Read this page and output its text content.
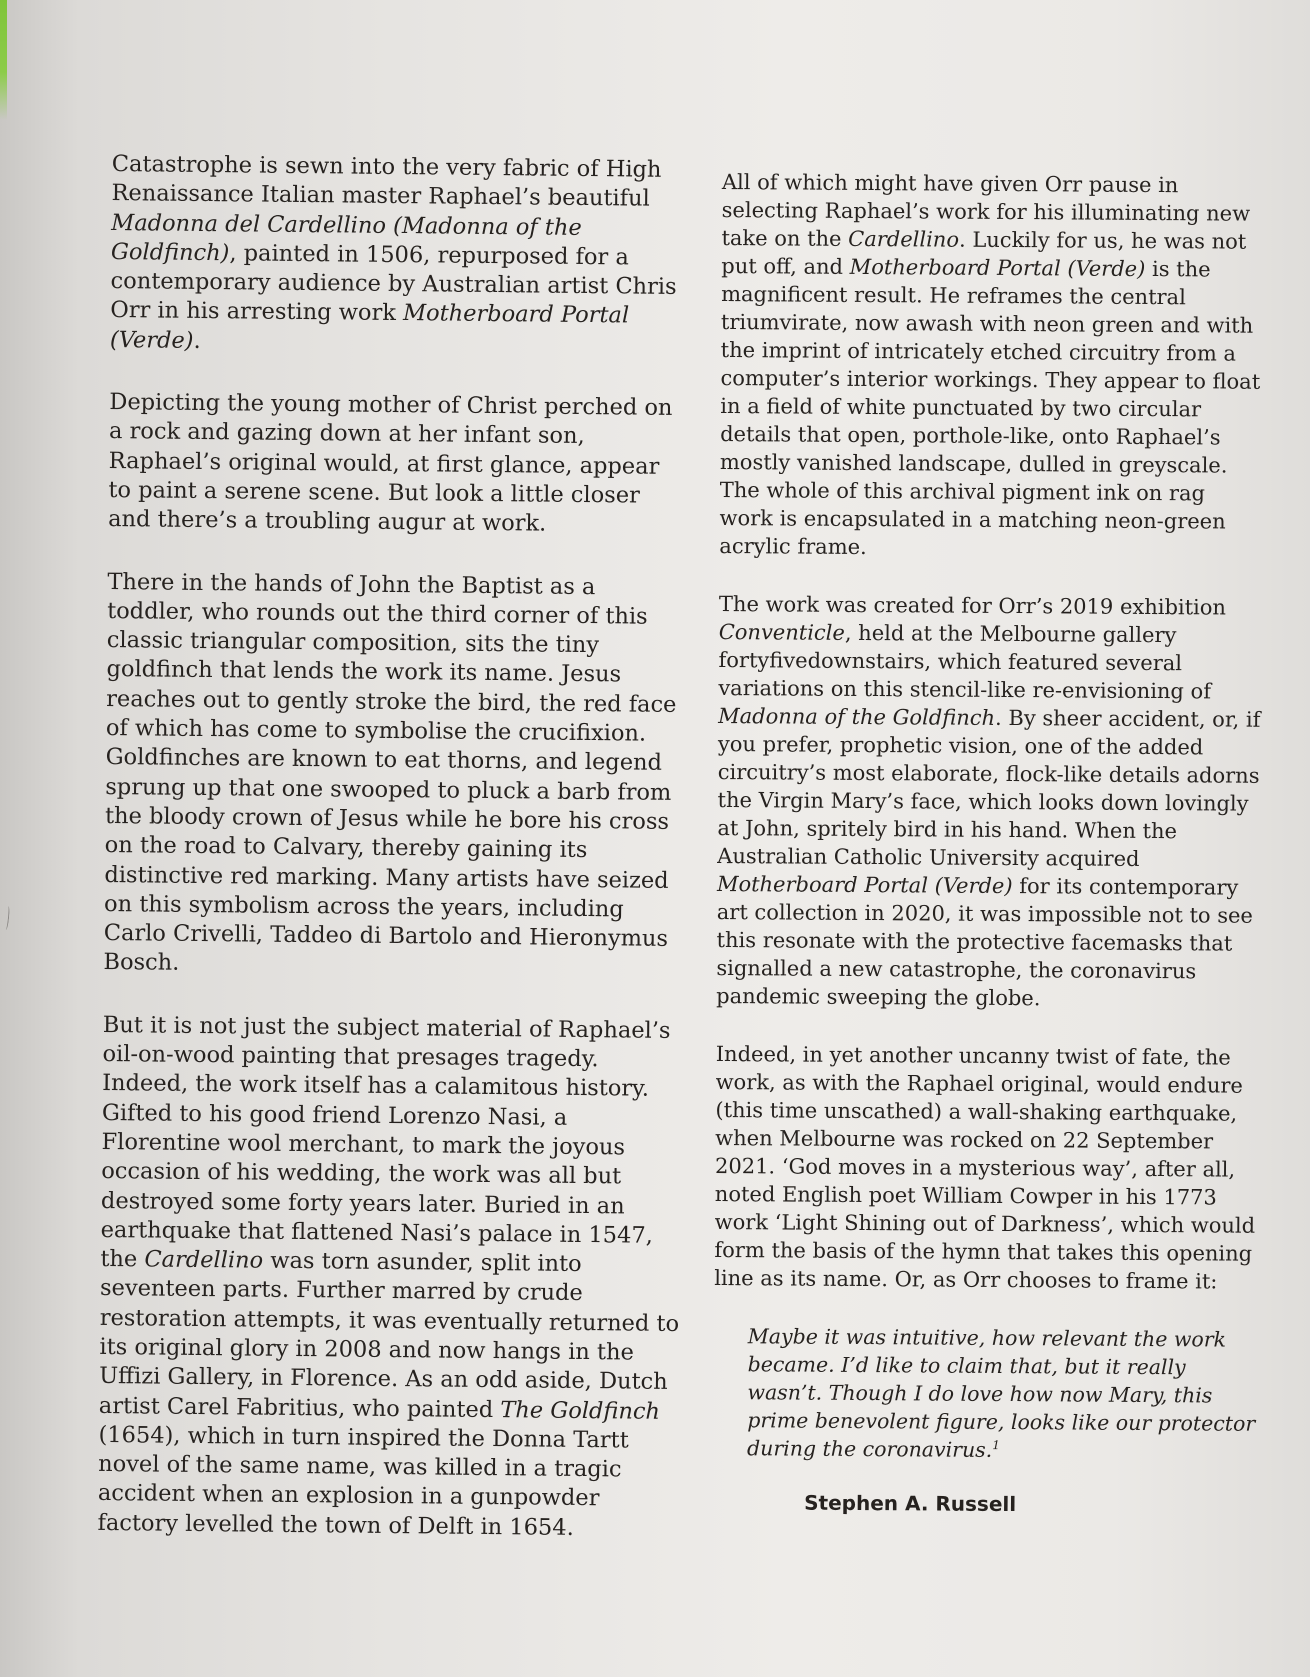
Catastrophe is sewn into the very fabric of High Renaissance Italian master Raphael’s beautiful Madonna del Cardellino (Madonna of the Goldfinch), painted in 1506, repurposed for a contemporary audience by Australian artist Chris Orr in his arresting work Motherboard Portal (Verde).

Depicting the young mother of Christ perched on a rock and gazing down at her infant son, Raphael’s original would, at first glance, appear to paint a serene scene. But look a little closer and there’s a troubling augur at work.

There in the hands of John the Baptist as a toddler, who rounds out the third corner of this classic triangular composition, sits the tiny goldfinch that lends the work its name. Jesus reaches out to gently stroke the bird, the red face of which has come to symbolise the crucifixion. Goldfinches are known to eat thorns, and legend sprung up that one swooped to pluck a barb from the bloody crown of Jesus while he bore his cross on the road to Calvary, thereby gaining its distinctive red marking. Many artists have seized on this symbolism across the years, including Carlo Crivelli, Taddeo di Bartolo and Hieronymus Bosch.

But it is not just the subject material of Raphael’s oil-on-wood painting that presages tragedy. Indeed, the work itself has a calamitous history. Gifted to his good friend Lorenzo Nasi, a Florentine wool merchant, to mark the joyous occasion of his wedding, the work was all but destroyed some forty years later. Buried in an earthquake that flattened Nasi’s palace in 1547, the Cardellino was torn asunder, split into seventeen parts. Further marred by crude restoration attempts, it was eventually returned to its original glory in 2008 and now hangs in the Uffizi Gallery, in Florence. As an odd aside, Dutch artist Carel Fabritius, who painted The Goldfinch (1654), which in turn inspired the Donna Tartt novel of the same name, was killed in a tragic accident when an explosion in a gunpowder factory levelled the town of Delft in 1654.

All of which might have given Orr pause in selecting Raphael’s work for his illuminating new take on the Cardellino. Luckily for us, he was not put off, and Motherboard Portal (Verde) is the magnificent result. He reframes the central triumvirate, now awash with neon green and with the imprint of intricately etched circuitry from a computer’s interior workings. They appear to float in a field of white punctuated by two circular details that open, porthole-like, onto Raphael’s mostly vanished landscape, dulled in greyscale. The whole of this archival pigment ink on rag work is encapsulated in a matching neon-green acrylic frame.

The work was created for Orr’s 2019 exhibition Conventicle, held at the Melbourne gallery fortyfivedownstairs, which featured several variations on this stencil-like re-envisioning of Madonna of the Goldfinch. By sheer accident, or, if you prefer, prophetic vision, one of the added circuitry’s most elaborate, flock-like details adorns the Virgin Mary’s face, which looks down lovingly at John, spritely bird in his hand. When the Australian Catholic University acquired Motherboard Portal (Verde) for its contemporary art collection in 2020, it was impossible not to see this resonate with the protective facemasks that signalled a new catastrophe, the coronavirus pandemic sweeping the globe.

Indeed, in yet another uncanny twist of fate, the work, as with the Raphael original, would endure (this time unscathed) a wall-shaking earthquake, when Melbourne was rocked on 22 September 2021. ‘God moves in a mysterious way’, after all, noted English poet William Cowper in his 1773 work ‘Light Shining out of Darkness’, which would form the basis of the hymn that takes this opening line as its name. Or, as Orr chooses to frame it:

Maybe it was intuitive, how relevant the work became. I’d like to claim that, but it really wasn’t. Though I do love how now Mary, this prime benevolent figure, looks like our protector during the coronavirus.$^1$

Stephen A. Russell
